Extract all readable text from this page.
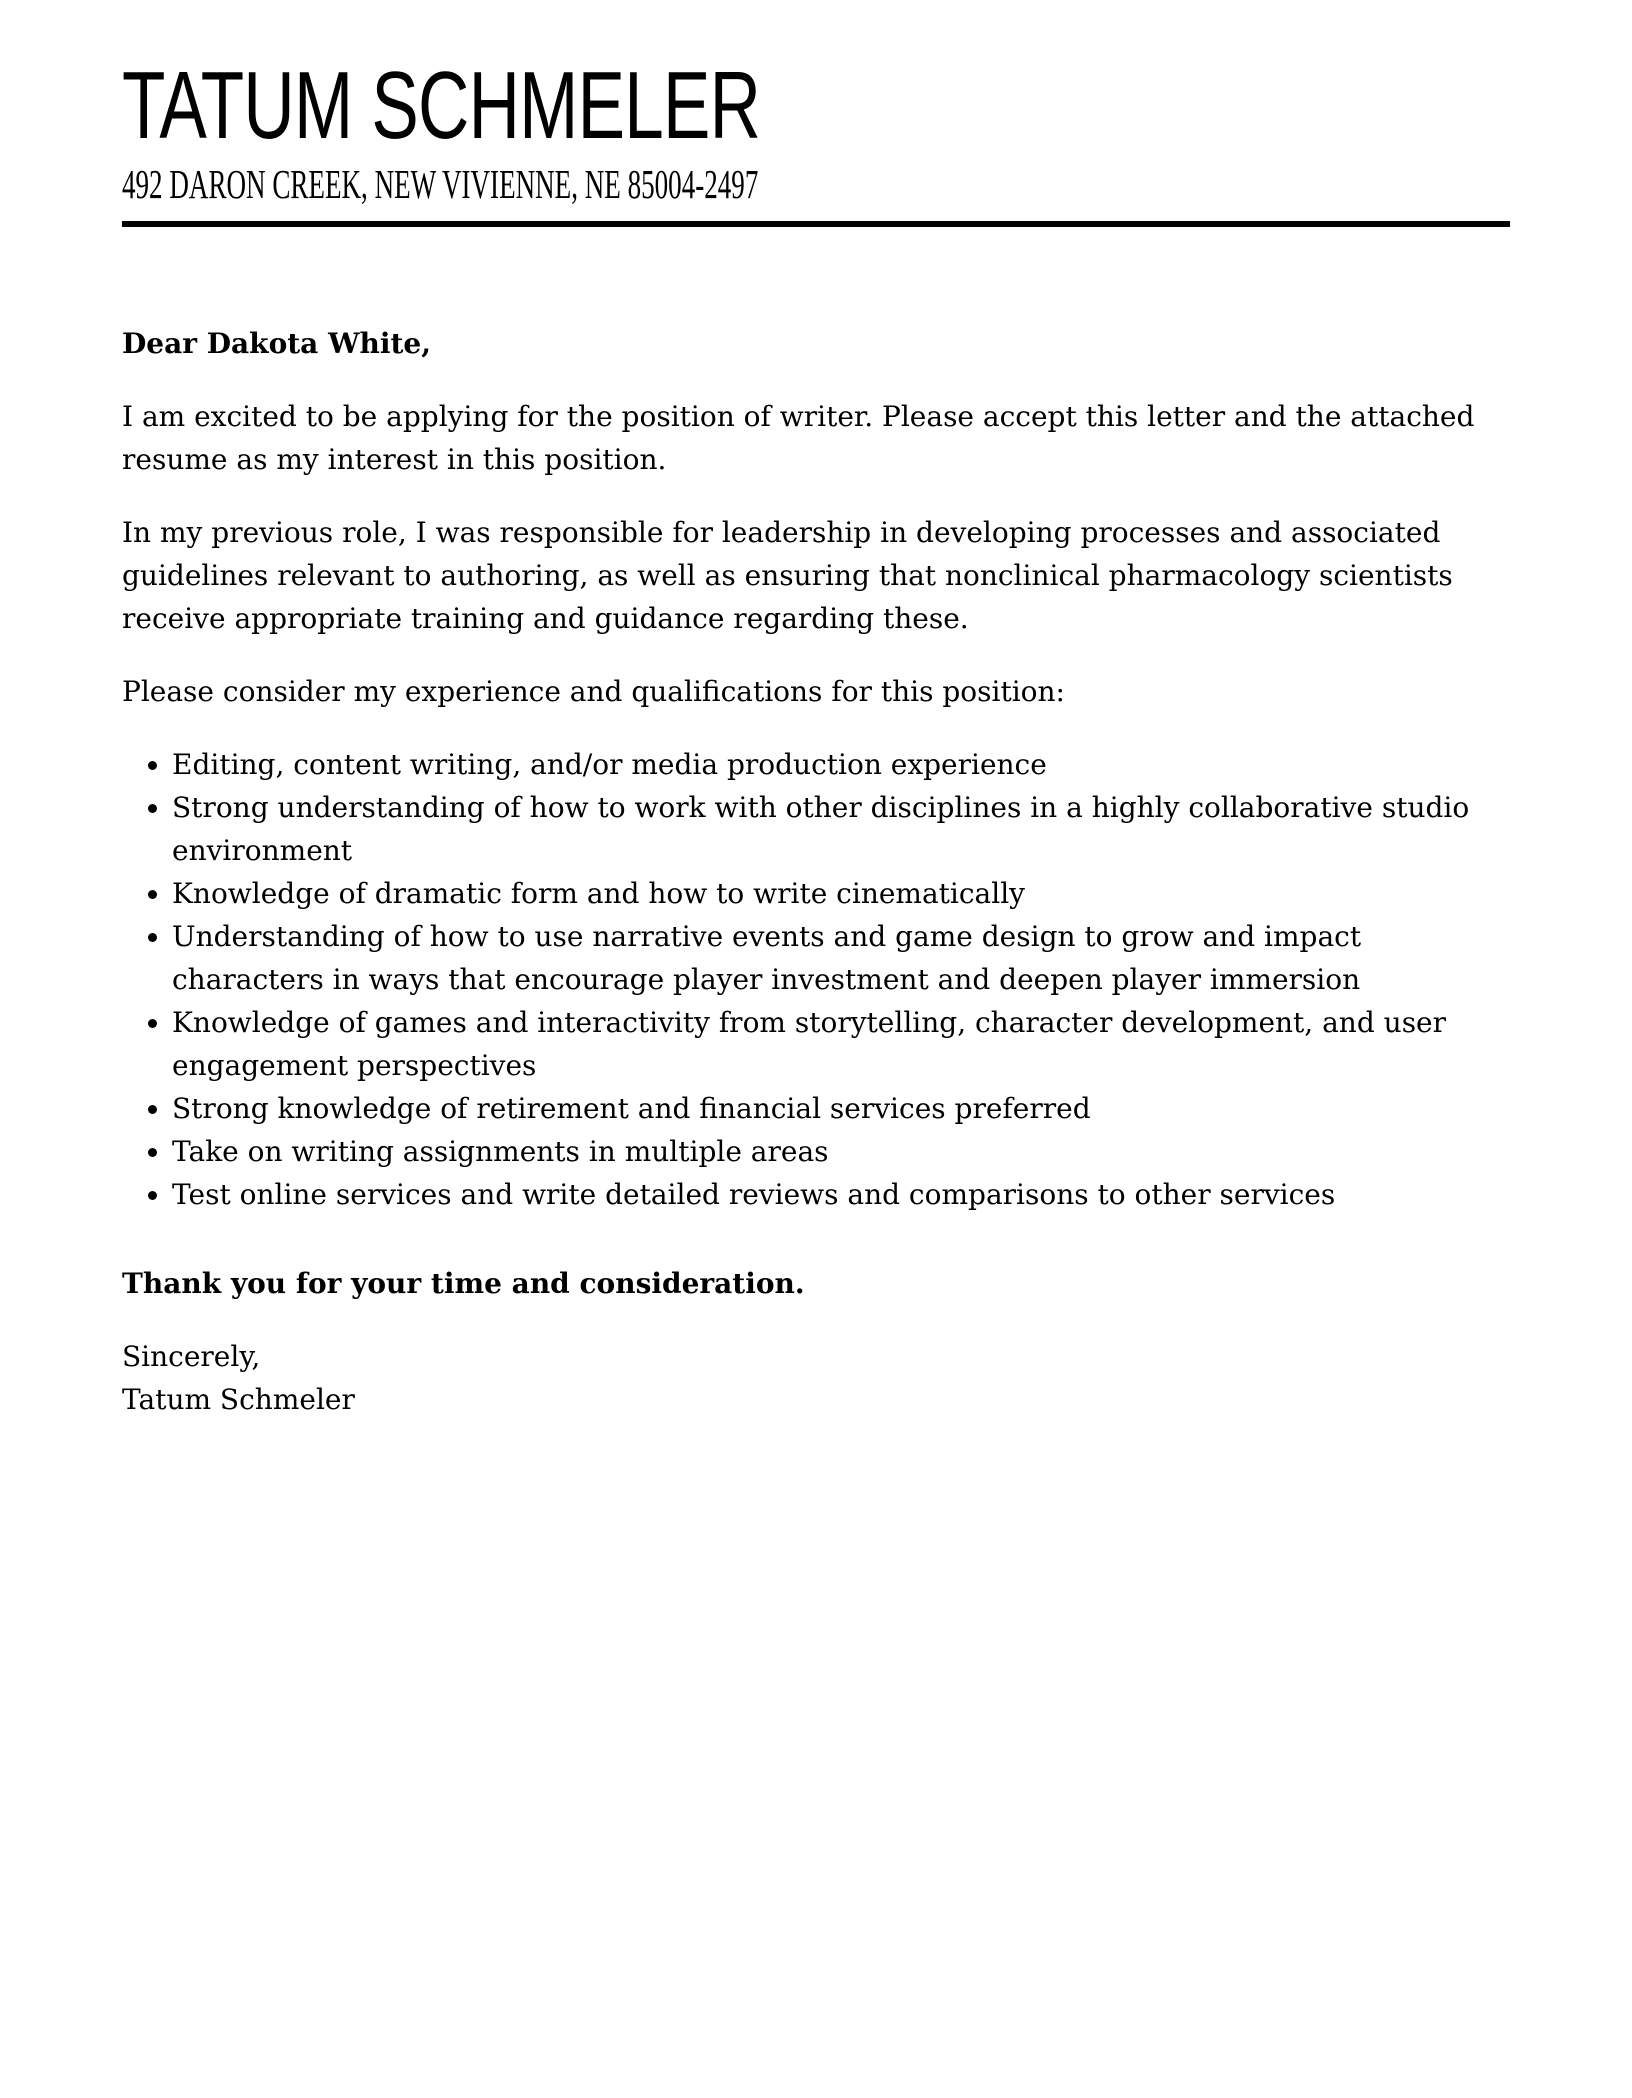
TATUM SCHMELER
492 DARON CREEK, NEW VIVIENNE, NE 85004-2497
Dear Dakota White,

I am excited to be applying for the position of writer. Please accept this letter and the attached resume as my interest in this position.

In my previous role, I was responsible for leadership in developing processes and associated guidelines relevant to authoring, as well as ensuring that nonclinical pharmacology scientists receive appropriate training and guidance regarding these.

Please consider my experience and qualifications for this position:

• Editing, content writing, and/or media production experience
• Strong understanding of how to work with other disciplines in a highly collaborative studio environment
• Knowledge of dramatic form and how to write cinematically
• Understanding of how to use narrative events and game design to grow and impact characters in ways that encourage player investment and deepen player immersion
• Knowledge of games and interactivity from storytelling, character development, and user engagement perspectives
• Strong knowledge of retirement and financial services preferred
• Take on writing assignments in multiple areas
• Test online services and write detailed reviews and comparisons to other services
Thank you for your time and consideration.
Sincerely,
Tatum Schmeler
